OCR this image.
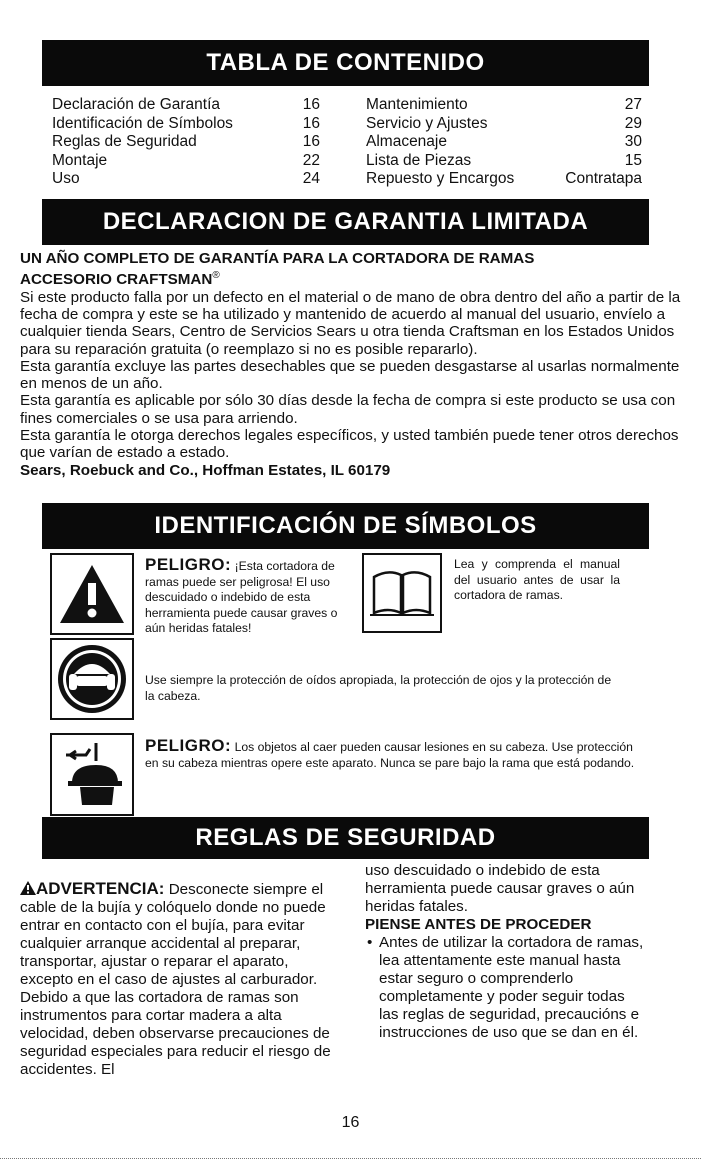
TABLA DE CONTENIDO
Declaración de Garantía	16
Identificación de Símbolos	16
Reglas de Seguridad	16
Montaje	22
Uso	24
Mantenimiento	27
Servicio y Ajustes	29
Almacenaje	30
Lista de Piezas	15
Repuesto y Encargos	Contratapa
DECLARACION DE GARANTIA LIMITADA

UN AÑO COMPLETO DE GARANTÍA PARA LA CORTADORA DE RAMAS
ACCESORIO CRAFTSMAN®

Si este producto falla por un defecto en el material o de mano de obra dentro del año a partir de la fecha de compra y este se ha utilizado y mantenido de acuerdo al manual del usuario, envíelo a cualquier tienda Sears, Centro de Servicios Sears u otra tienda Craftsman en los Estados Unidos para su reparación gratuita (o reemplazo si no es posible repararlo).

Esta garantía excluye las partes desechables que se pueden desgastarse al usarlas normalmente en menos de un año.

Esta garantía es aplicable por sólo 30 días desde la fecha de compra si este producto se usa con fines comerciales o se usa para arriendo.

Esta garantía le otorga derechos legales específicos, y usted también puede tener otros derechos que varían de estado a estado.

Sears, Roebuck and Co., Hoffman Estates, IL 60179

IDENTIFICACIÓN DE SÍMBOLOS
PELIGRO: ¡Esta cortadora de ramas puede ser peligrosa! El uso descuidado o indebido de esta herramienta puede causar graves o aún heridas fatales!
Lea y comprenda el manual del usuario antes de usar la cortadora de ramas.
Use siempre la protección de oídos apropiada, la protección de ojos y la protección de la cabeza.
PELIGRO: Los objetos al caer pueden causar lesiones en su cabeza. Use protección en su cabeza mientras opere este aparato. Nunca se pare bajo la rama que está podando.
REGLAS DE SEGURIDAD

ADVERTENCIA: Desconecte siempre el cable de la bujía y colóquelo donde no puede entrar en contacto con el bujía, para evitar cualquier arranque accidental al preparar, transportar, ajustar o reparar el aparato, excepto en el caso de ajustes al carburador.

Debido a que las cortadora de ramas son instrumentos para cortar madera a alta velocidad, deben observarse precauciones de seguridad especiales para reducir el riesgo de accidentes. El

uso descuidado o indebido de esta herramienta puede causar graves o aún heridas fatales.

PIENSE ANTES DE PROCEDER

• Antes de utilizar la cortadora de ramas, lea attentamente este manual hasta estar seguro o comprenderlo completamente y poder seguir todas las reglas de seguridad, precaucións e instrucciones de uso que se dan en él.
16
